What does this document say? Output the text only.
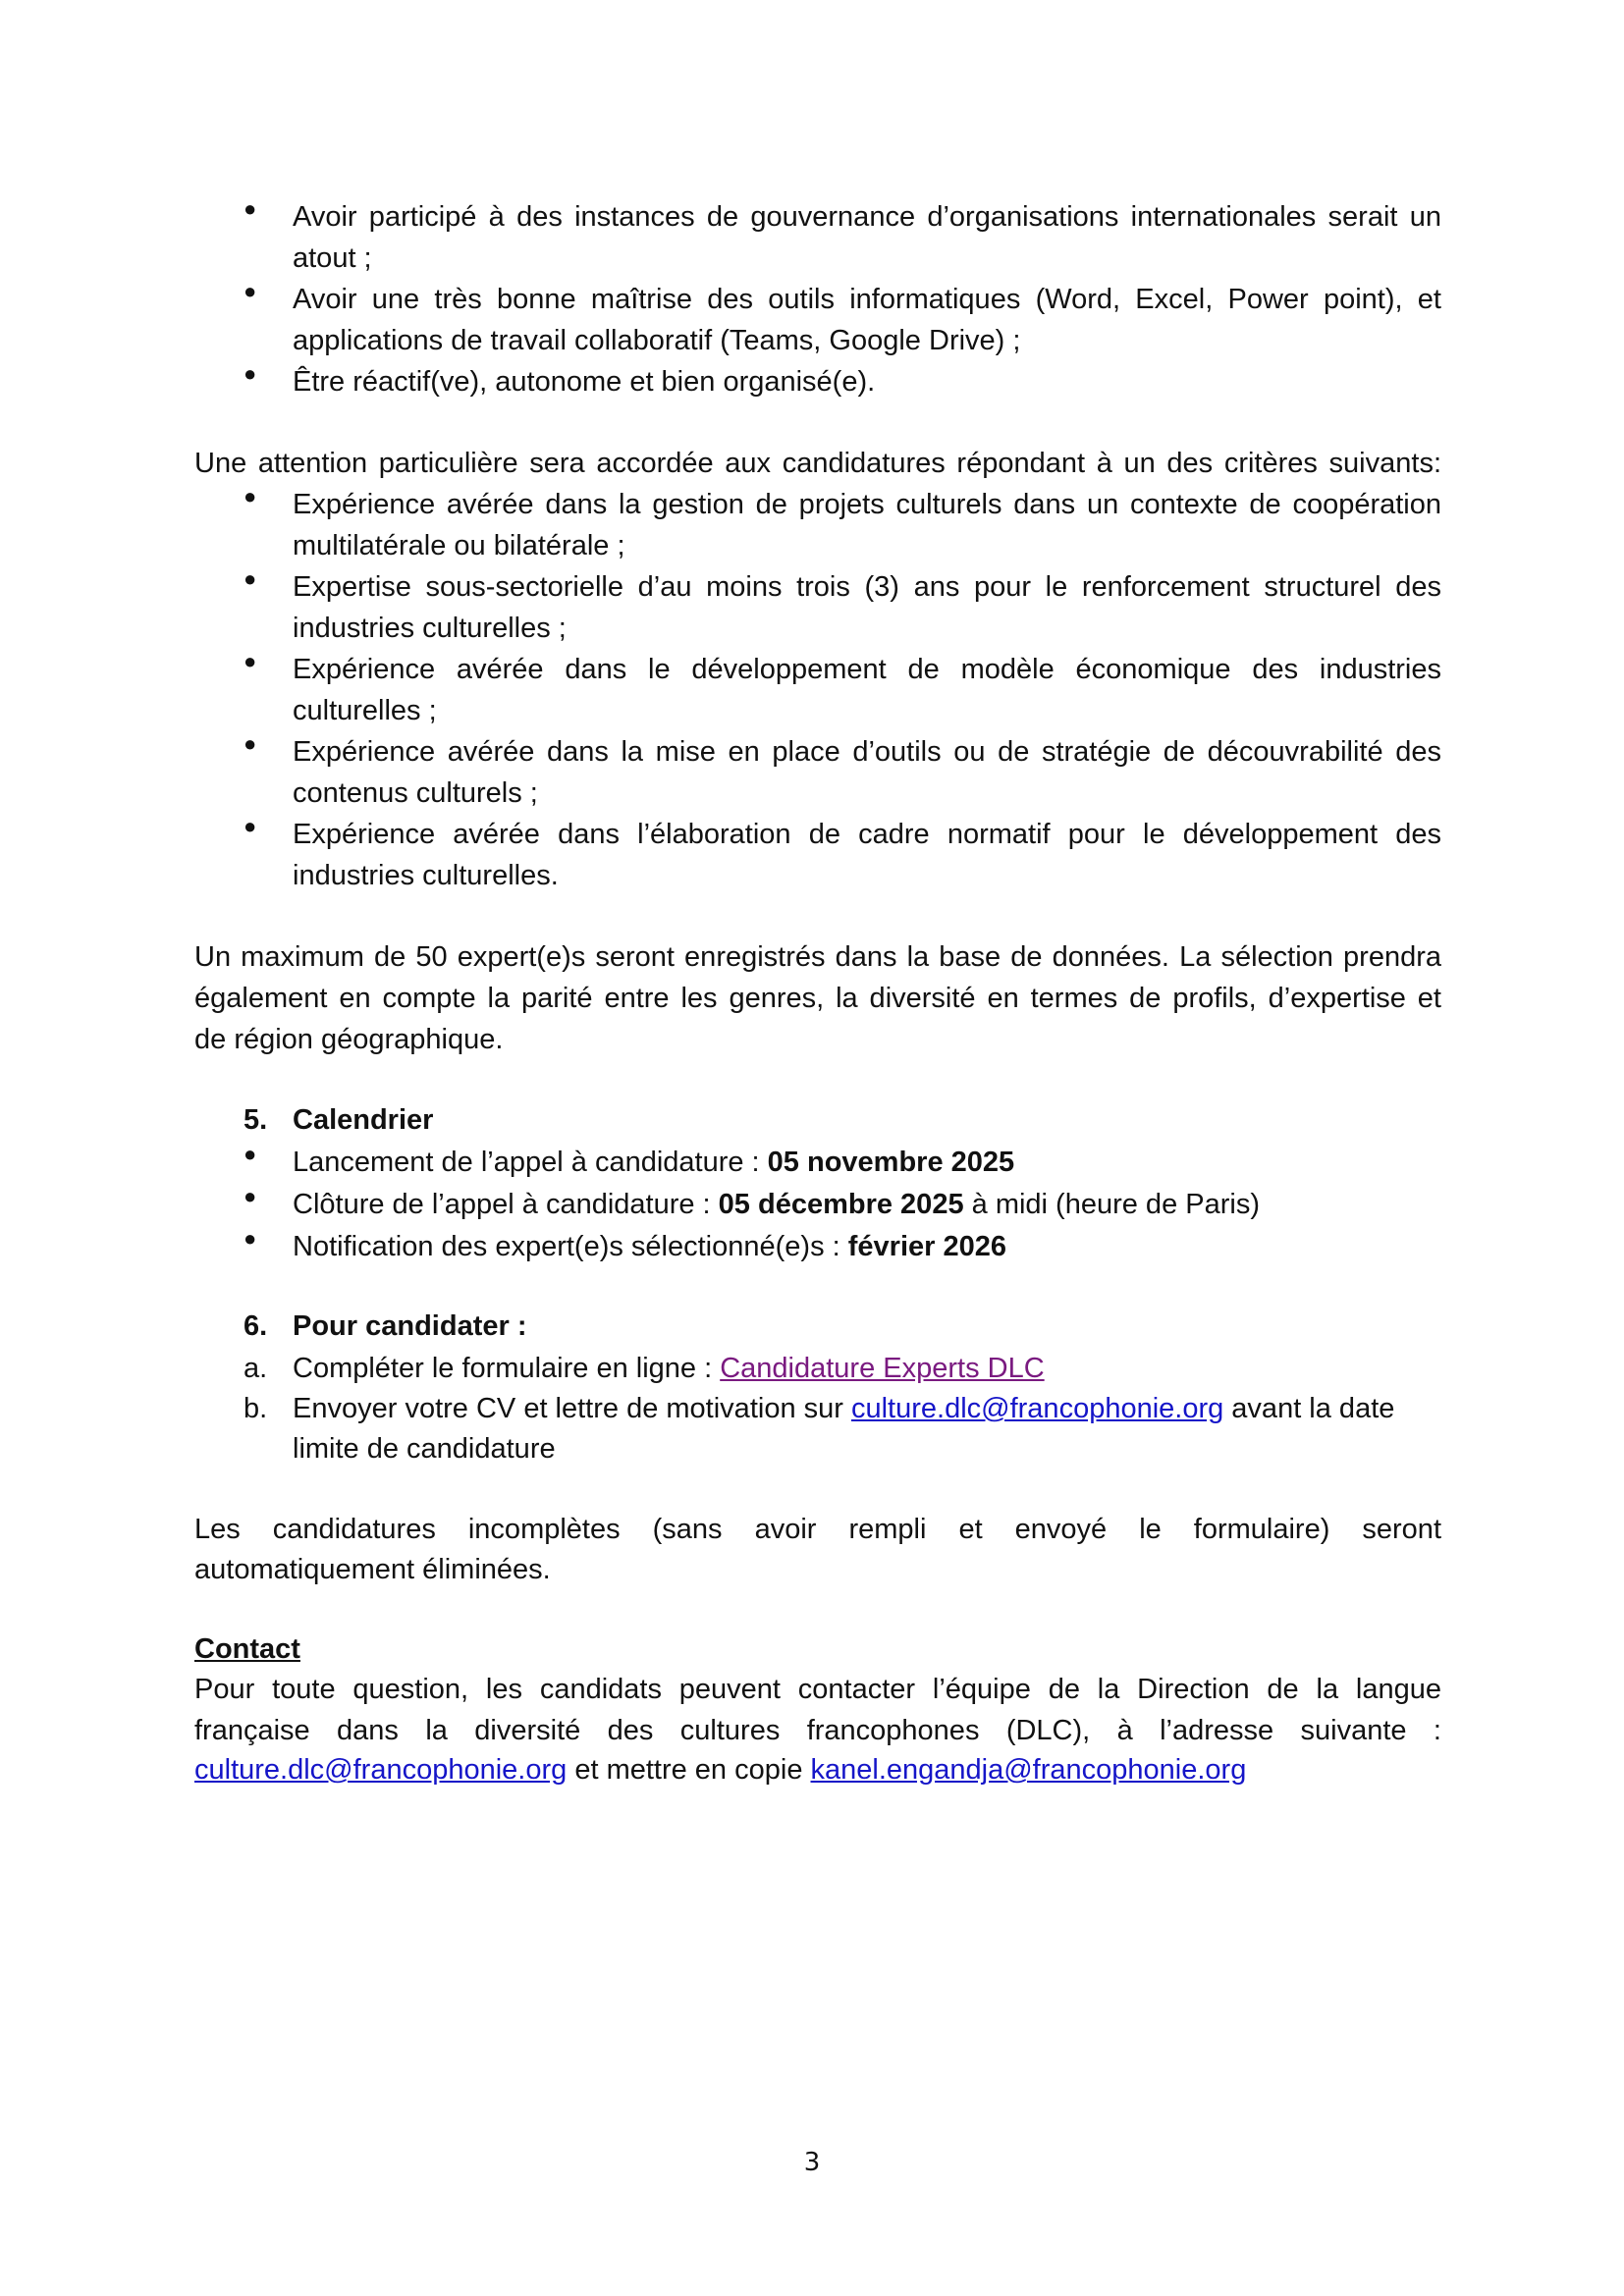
● Avoir participé à des instances de gouvernance d’organisations internationales serait un
atout ;
● Avoir une très bonne maîtrise des outils informatiques (Word, Excel, Power point), et
applications de travail collaboratif (Teams, Google Drive) ;
● Être réactif(ve), autonome et bien organisé(e).
Une attention particulière sera accordée aux candidatures répondant à un des critères suivants:
● Expérience avérée dans la gestion de projets culturels dans un contexte de coopération
multilatérale ou bilatérale ;
● Expertise sous-sectorielle d’au moins trois (3) ans pour le renforcement structurel des
industries culturelles ;
● Expérience avérée dans le développement de modèle économique des industries
culturelles ;
● Expérience avérée dans la mise en place d’outils ou de stratégie de découvrabilité des
contenus culturels ;
● Expérience avérée dans l’élaboration de cadre normatif pour le développement des
industries culturelles.
Un maximum de 50 expert(e)s seront enregistrés dans la base de données. La sélection prendra
également en compte la parité entre les genres, la diversité en termes de profils, d’expertise et
de région géographique.
5. Calendrier
● Lancement de l’appel à candidature : 05 novembre 2025
● Clôture de l’appel à candidature : 05 décembre 2025 à midi (heure de Paris)
● Notification des expert(e)s sélectionné(e)s : février 2026
6. Pour candidater :
a. Compléter le formulaire en ligne : Candidature Experts DLC
b. Envoyer votre CV et lettre de motivation sur culture.dlc@francophonie.org avant la date
limite de candidature
Les candidatures incomplètes (sans avoir rempli et envoyé le formulaire) seront
automatiquement éliminées.
Contact
Pour toute question, les candidats peuvent contacter l’équipe de la Direction de la langue
française dans la diversité des cultures francophones (DLC), à l’adresse suivante :
culture.dlc@francophonie.org et mettre en copie kanel.engandja@francophonie.org
3
